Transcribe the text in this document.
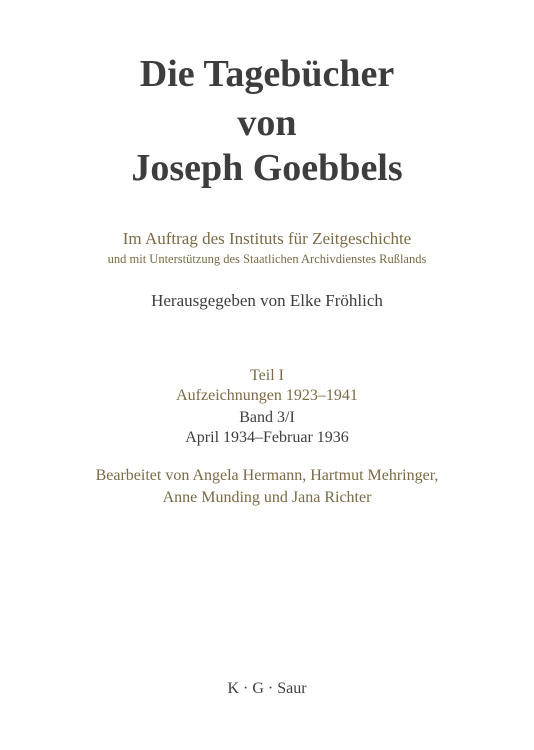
Die Tagebücher
von
Joseph Goebbels

Im Auftrag des Instituts für Zeitgeschichte

und mit Unterstützung des Staatlichen Archivdienstes Rußlands

Herausgegeben von Elke Fröhlich

Teil I

Aufzeichnungen 1923–1941

Band 3/I

April 1934–Februar 1936

Bearbeitet von Angela Hermann, Hartmut Mehringer,

Anne Munding und Jana Richter

K · G · Saur
